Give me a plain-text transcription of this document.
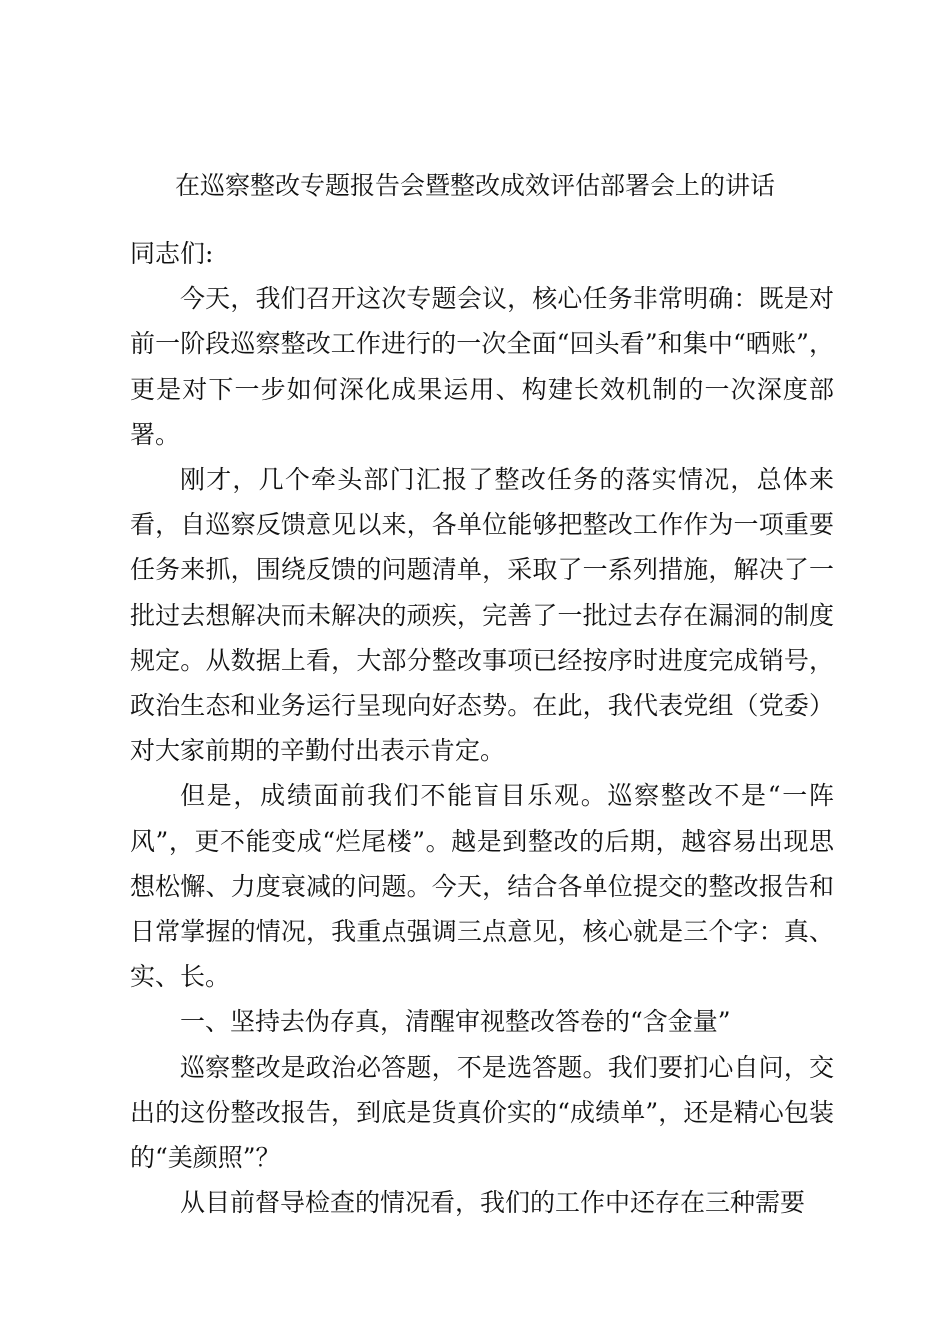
在巡察整改专题报告会暨整改成效评估部署会上的讲话

同志们:

今天，我们召开这次专题会议，核心任务非常明确：既是对前一阶段巡察整改工作进行的一次全面“回头看”和集中“晒账”，更是对下一步如何深化成果运用、构建长效机制的一次深度部署。

刚才，几个牵头部门汇报了整改任务的落实情况，总体来看，自巡察反馈意见以来，各单位能够把整改工作作为一项重要任务来抓，围绕反馈的问题清单，采取了一系列措施，解决了一批过去想解决而未解决的顽疾，完善了一批过去存在漏洞的制度规定。从数据上看，大部分整改事项已经按序时进度完成销号，政治生态和业务运行呈现向好态势。在此，我代表党组（党委）对大家前期的辛勤付出表示肯定。

但是，成绩面前我们不能盲目乐观。巡察整改不是“一阵风”，更不能变成“烂尾楼”。越是到整改的后期，越容易出现思想松懈、力度衰减的问题。今天，结合各单位提交的整改报告和日常掌握的情况，我重点强调三点意见，核心就是三个字：真、实、长。

一、坚持去伪存真，清醒审视整改答卷的“含金量”

巡察整改是政治必答题，不是选答题。我们要扪心自问，交出的这份整改报告，到底是货真价实的“成绩单”，还是精心包装的“美颜照”？

从目前督导检查的情况看，我们的工作中还存在三种需要
